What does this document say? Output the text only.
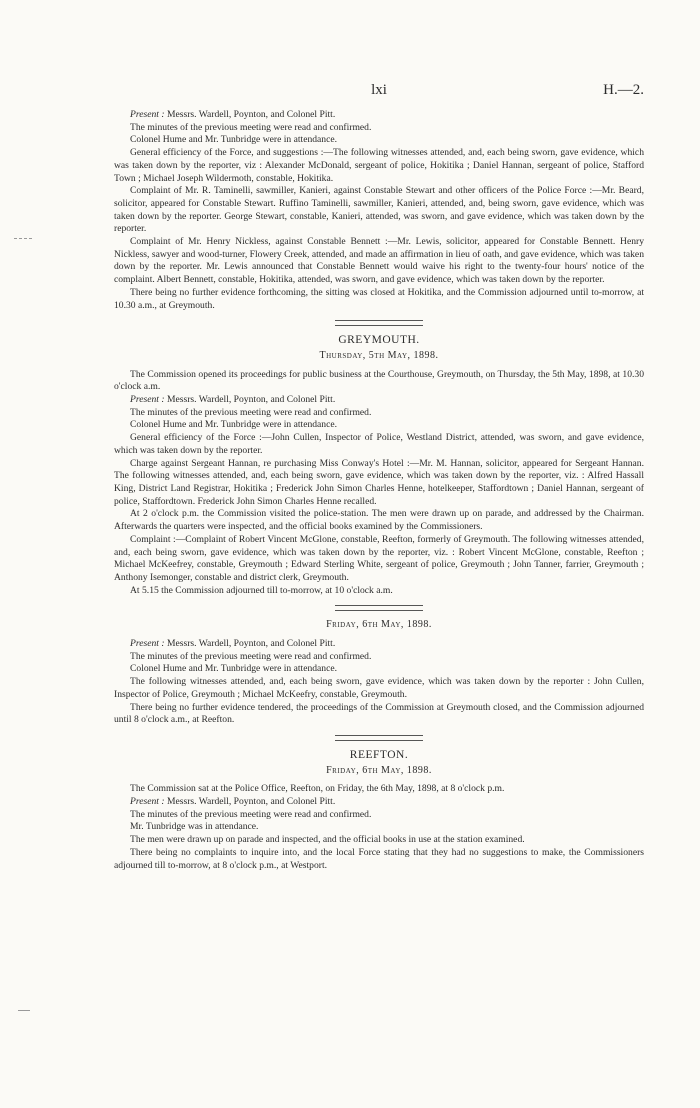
lxi	H.—2.

Present : Messrs. Wardell, Poynton, and Colonel Pitt.

The minutes of the previous meeting were read and confirmed.

Colonel Hume and Mr. Tunbridge were in attendance.

General efficiency of the Force, and suggestions :—The following witnesses attended, and, each being sworn, gave evidence, which was taken down by the reporter, viz : Alexander McDonald, sergeant of police, Hokitika ; Daniel Hannan, sergeant of police, Stafford Town ; Michael Joseph Wildermoth, constable, Hokitika.

Complaint of Mr. R. Taminelli, sawmiller, Kanieri, against Constable Stewart and other officers of the Police Force :—Mr. Beard, solicitor, appeared for Constable Stewart. Ruffino Taminelli, sawmiller, Kanieri, attended, and, being sworn, gave evidence, which was taken down by the reporter. George Stewart, constable, Kanieri, attended, was sworn, and gave evidence, which was taken down by the reporter.

Complaint of Mr. Henry Nickless, against Constable Bennett :—Mr. Lewis, solicitor, appeared for Constable Bennett. Henry Nickless, sawyer and wood-turner, Flowery Creek, attended, and made an affirmation in lieu of oath, and gave evidence, which was taken down by the reporter. Mr. Lewis announced that Constable Bennett would waive his right to the twenty-four hours' notice of the complaint. Albert Bennett, constable, Hokitika, attended, was sworn, and gave evidence, which was taken down by the reporter.

There being no further evidence forthcoming, the sitting was closed at Hokitika, and the Commission adjourned until to-morrow, at 10.30 a.m., at Greymouth.

GREYMOUTH.
Thursday, 5th May, 1898.

The Commission opened its proceedings for public business at the Courthouse, Greymouth, on Thursday, the 5th May, 1898, at 10.30 o'clock a.m.

Present : Messrs. Wardell, Poynton, and Colonel Pitt.

The minutes of the previous meeting were read and confirmed.

Colonel Hume and Mr. Tunbridge were in attendance.

General efficiency of the Force :—John Cullen, Inspector of Police, Westland District, attended, was sworn, and gave evidence, which was taken down by the reporter.

Charge against Sergeant Hannan, re purchasing Miss Conway's Hotel :—Mr. M. Hannan, solicitor, appeared for Sergeant Hannan. The following witnesses attended, and, each being sworn, gave evidence, which was taken down by the reporter, viz. : Alfred Hassall King, District Land Registrar, Hokitika ; Frederick John Simon Charles Henne, hotelkeeper, Staffordtown ; Daniel Hannan, sergeant of police, Staffordtown. Frederick John Simon Charles Henne recalled.

At 2 o'clock p.m. the Commission visited the police-station. The men were drawn up on parade, and addressed by the Chairman. Afterwards the quarters were inspected, and the official books examined by the Commissioners.

Complaint :—Complaint of Robert Vincent McGlone, constable, Reefton, formerly of Greymouth. The following witnesses attended, and, each being sworn, gave evidence, which was taken down by the reporter, viz. : Robert Vincent McGlone, constable, Reefton ; Michael McKeefrey, constable, Greymouth ; Edward Sterling White, sergeant of police, Greymouth ; John Tanner, farrier, Greymouth ; Anthony Isemonger, constable and district clerk, Greymouth.

At 5.15 the Commission adjourned till to-morrow, at 10 o'clock a.m.

Friday, 6th May, 1898.

Present : Messrs. Wardell, Poynton, and Colonel Pitt.

The minutes of the previous meeting were read and confirmed.

Colonel Hume and Mr. Tunbridge were in attendance.

The following witnesses attended, and, each being sworn, gave evidence, which was taken down by the reporter : John Cullen, Inspector of Police, Greymouth ; Michael McKeefry, constable, Greymouth.

There being no further evidence tendered, the proceedings of the Commission at Greymouth closed, and the Commission adjourned until 8 o'clock a.m., at Reefton.

REEFTON.
Friday, 6th May, 1898.

The Commission sat at the Police Office, Reefton, on Friday, the 6th May, 1898, at 8 o'clock p.m.

Present : Messrs. Wardell, Poynton, and Colonel Pitt.

The minutes of the previous meeting were read and confirmed.

Mr. Tunbridge was in attendance.

The men were drawn up on parade and inspected, and the official books in use at the station examined.

There being no complaints to inquire into, and the local Force stating that they had no suggestions to make, the Commissioners adjourned till to-morrow, at 8 o'clock p.m., at Westport.
